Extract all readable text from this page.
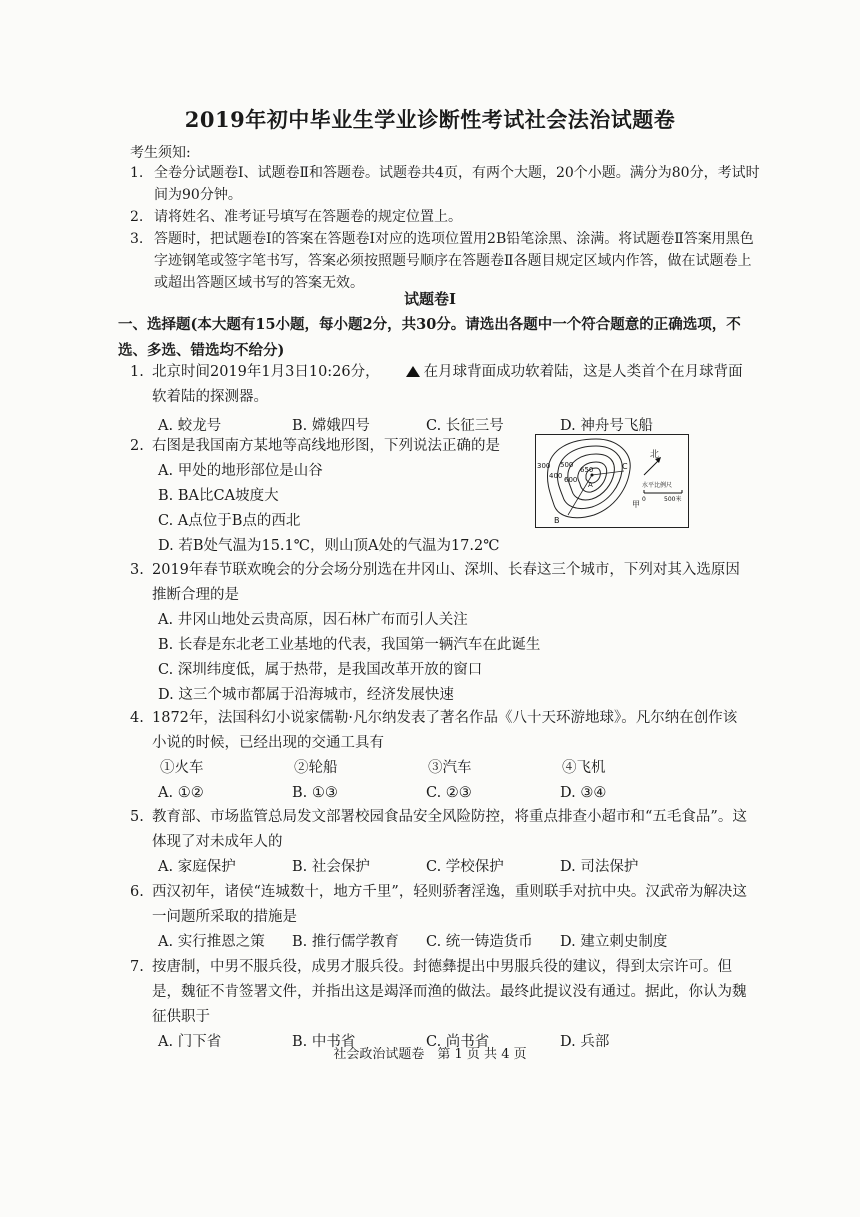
2019年初中毕业生学业诊断性考试社会法治试题卷
考生须知:
1. 全卷分试题卷Ⅰ、试题卷Ⅱ和答题卷。试题卷共4页，有两个大题，20个小题。满分为80分，考试时间为90分钟。
2. 请将姓名、准考证号填写在答题卷的规定位置上。
3. 答题时，把试题卷Ⅰ的答案在答题卷Ⅰ对应的选项位置用2B铅笔涂黑、涂满。将试题卷Ⅱ答案用黑色字迹钢笔或签字笔书写，答案必须按照题号顺序在答题卷Ⅱ各题目规定区域内作答，做在试题卷上或超出答题区域书写的答案无效。
试题卷Ⅰ
一、选择题(本大题有15小题，每小题2分，共30分。请选出各题中一个符合题意的正确选项，不选、多选、错选均不给分)
1. 北京时间2019年1月3日10:26分，	在月球背面成功软着陆，这是人类首个在月球背面软着陆的探测器。
A. 蛟龙号	B. 嫦娥四号	C. 长征三号	D. 神舟号飞船
2. 右图是我国南方某地等高线地形图，下列说法正确的是
A. 甲处的地形部位是山谷
B. BA比CA坡度大
C. A点位于B点的西北
D. 若B处气温为15.1℃，则山顶A处的气温为17.2℃
300
400
500
600
650
A
B
C
甲
北
水平比例尺
0	500米
3. 2019年春节联欢晚会的分会场分别选在井冈山、深圳、长春这三个城市，下列对其入选原因推断合理的是
A. 井冈山地处云贵高原，因石林广布而引人关注
B. 长春是东北老工业基地的代表，我国第一辆汽车在此诞生
C. 深圳纬度低，属于热带，是我国改革开放的窗口
D. 这三个城市都属于沿海城市，经济发展快速
4. 1872年，法国科幻小说家儒勒·凡尔纳发表了著名作品《八十天环游地球》。凡尔纳在创作该小说的时候，已经出现的交通工具有
①火车	②轮船	③汽车	④飞机
A. ①②	B. ①③	C. ②③	D. ③④
5. 教育部、市场监管总局发文部署校园食品安全风险防控，将重点排查小超市和“五毛食品”。这体现了对未成年人的
A. 家庭保护	B. 社会保护	C. 学校保护	D. 司法保护
6. 西汉初年，诸侯“连城数十，地方千里”，轻则骄奢淫逸，重则联手对抗中央。汉武帝为解决这一问题所采取的措施是
A. 实行推恩之策	B. 推行儒学教育	C. 统一铸造货币	D. 建立刺史制度
7. 按唐制，中男不服兵役，成男才服兵役。封德彝提出中男服兵役的建议，得到太宗许可。但是，魏征不肯签署文件，并指出这是竭泽而渔的做法。最终此提议没有通过。据此，你认为魏征供职于
A. 门下省	B. 中书省	C. 尚书省	D. 兵部
社会政治试题卷　第 1 页 共 4 页
